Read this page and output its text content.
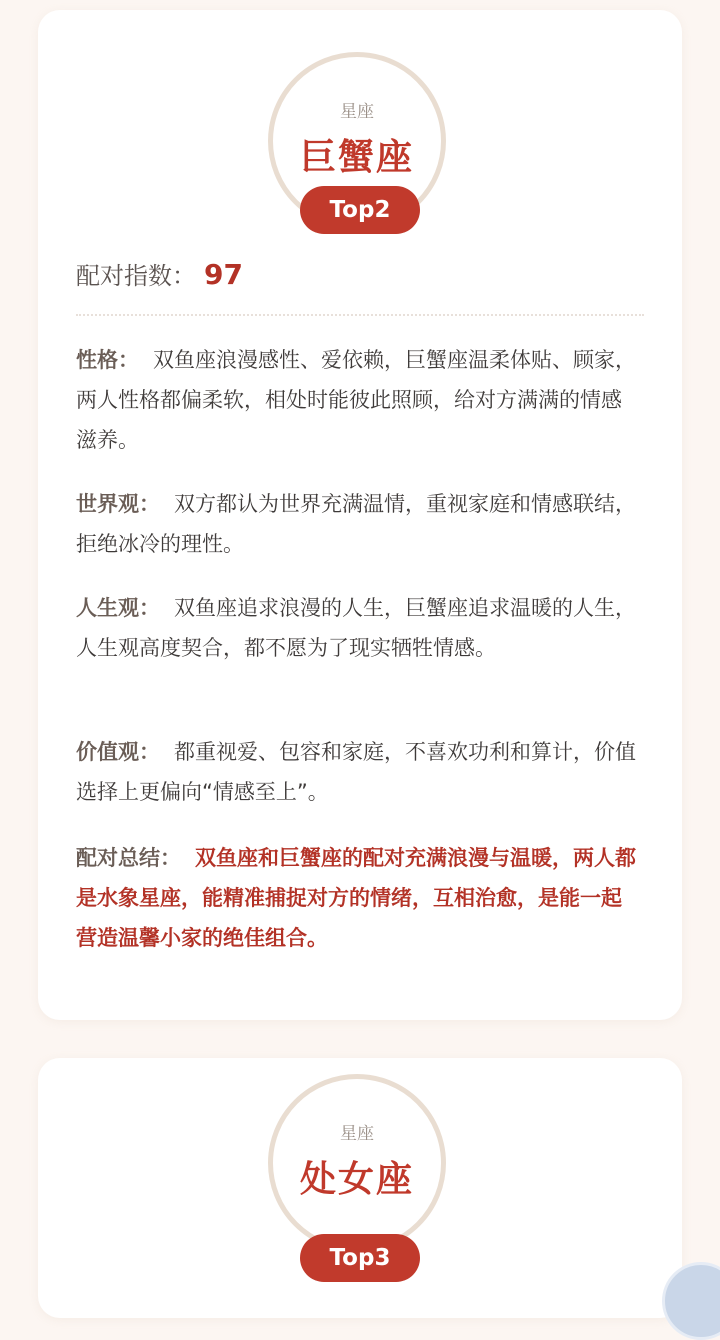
星座
巨蟹座
Top2
配对指数： 97
性格： 双鱼座浪漫感性、爱依赖，巨蟹座温柔体贴、顾家，两人性格都偏柔软，相处时能彼此照顾，给对方满满的情感滋养。
世界观： 双方都认为世界充满温情，重视家庭和情感联结，拒绝冰冷的理性。
人生观： 双鱼座追求浪漫的人生，巨蟹座追求温暖的人生，人生观高度契合，都不愿为了现实牺牲情感。
价值观： 都重视爱、包容和家庭，不喜欢功利和算计，价值选择上更偏向“情感至上”。
配对总结： 双鱼座和巨蟹座的配对充满浪漫与温暖，两人都是水象星座，能精准捕捉对方的情绪，互相治愈，是能一起营造温馨小家的绝佳组合。
星座
处女座
Top3
